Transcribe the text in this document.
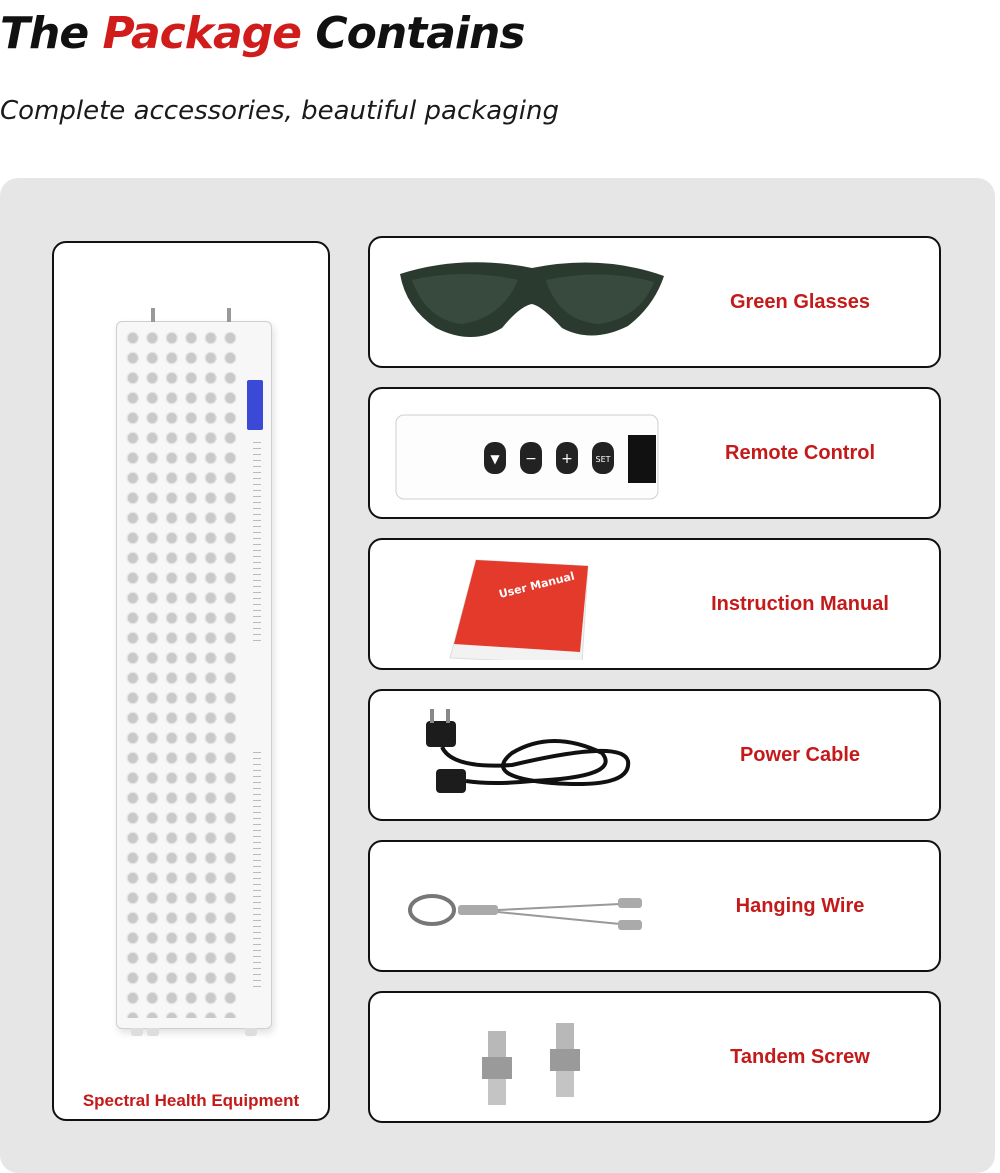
The Package Contains

Complete accessories, beautiful packaging

Spectral Health Equipment
Green Glasses
▼ − +	SET	Remote Control
User Manual
Instruction Manual
Power Cable
Hanging Wire
Tandem Screw
